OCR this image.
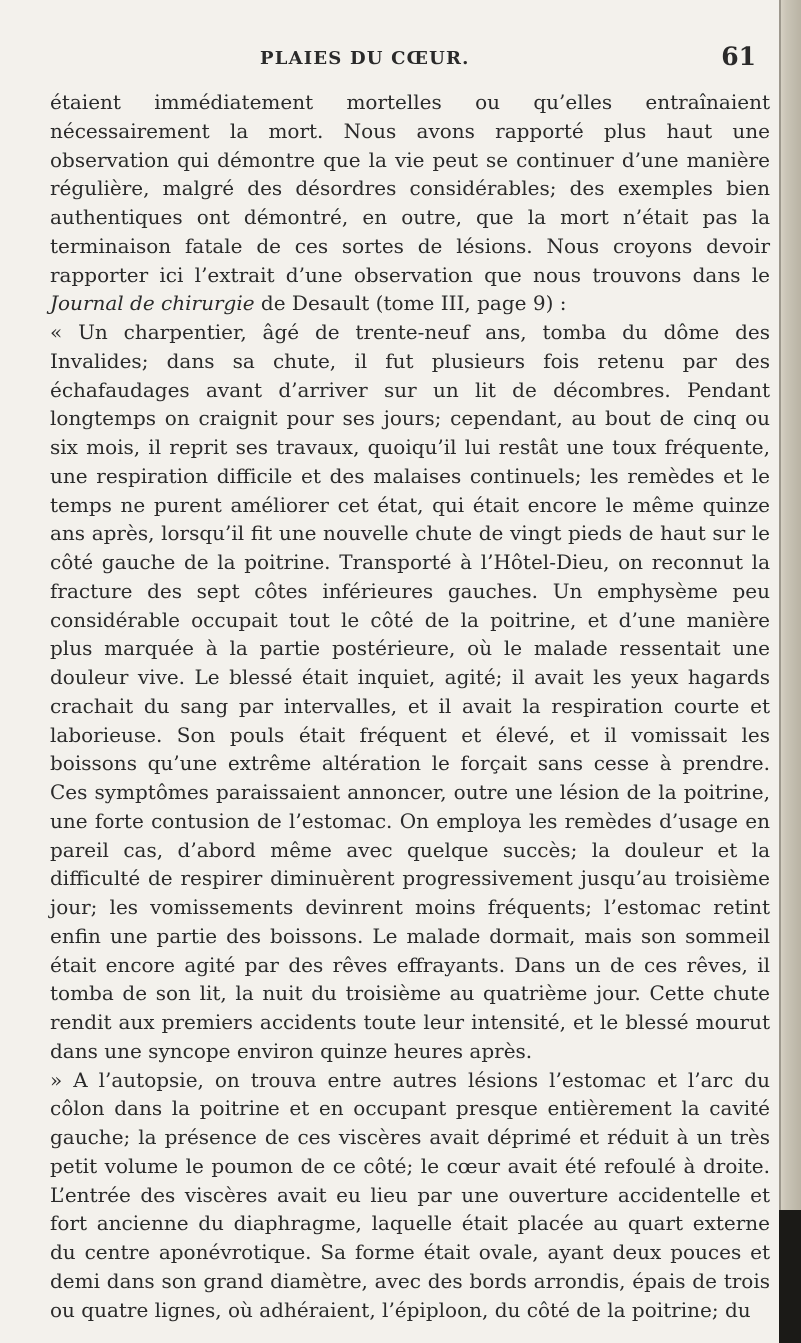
PLAIES DU CŒUR.	61

étaient immédiatement mortelles ou qu’elles entraînaient nécessairement la mort. Nous avons rapporté plus haut une observation qui démontre que la vie peut se continuer d’une manière régulière, malgré des désordres considérables; des exemples bien authentiques ont démontré, en outre, que la mort n’était pas la terminaison fatale de ces sortes de lésions. Nous croyons devoir rapporter ici l’extrait d’une observation que nous trouvons dans le Journal de chirurgie de Desault (tome III, page 9) :

« Un charpentier, âgé de trente-neuf ans, tomba du dôme des Invalides; dans sa chute, il fut plusieurs fois retenu par des échafaudages avant d’arriver sur un lit de décombres. Pendant longtemps on craignit pour ses jours; cependant, au bout de cinq ou six mois, il reprit ses travaux, quoiqu’il lui restât une toux fréquente, une respiration difficile et des malaises continuels; les remèdes et le temps ne purent améliorer cet état, qui était encore le même quinze ans après, lorsqu’il fit une nouvelle chute de vingt pieds de haut sur le côté gauche de la poitrine. Transporté à l’Hôtel-Dieu, on reconnut la fracture des sept côtes inférieures gauches. Un emphysème peu considérable occupait tout le côté de la poitrine, et d’une manière plus marquée à la partie postérieure, où le malade ressentait une douleur vive. Le blessé était inquiet, agité; il avait les yeux hagards crachait du sang par intervalles, et il avait la respiration courte et laborieuse. Son pouls était fréquent et élevé, et il vomissait les boissons qu’une extrême altération le forçait sans cesse à prendre. Ces symptômes paraissaient annoncer, outre une lésion de la poitrine, une forte contusion de l’estomac. On employa les remèdes d’usage en pareil cas, d’abord même avec quelque succès; la douleur et la difficulté de respirer diminuèrent progressivement jusqu’au troisième jour; les vomissements devinrent moins fréquents; l’estomac retint enfin une partie des boissons. Le malade dormait, mais son sommeil était encore agité par des rêves effrayants. Dans un de ces rêves, il tomba de son lit, la nuit du troisième au quatrième jour. Cette chute rendit aux premiers accidents toute leur intensité, et le blessé mourut dans une syncope environ quinze heures après.

» A l’autopsie, on trouva entre autres lésions l’estomac et l’arc du côlon dans la poitrine et en occupant presque entièrement la cavité gauche; la présence de ces viscères avait déprimé et réduit à un très petit volume le poumon de ce côté; le cœur avait été refoulé à droite. L’entrée des viscères avait eu lieu par une ouverture accidentelle et fort ancienne du diaphragme, laquelle était placée au quart externe du centre aponévrotique. Sa forme était ovale, ayant deux pouces et demi dans son grand diamètre, avec des bords arrondis, épais de trois ou quatre lignes, où adhéraient, l’épiploon, du côté de la poitrine; du
